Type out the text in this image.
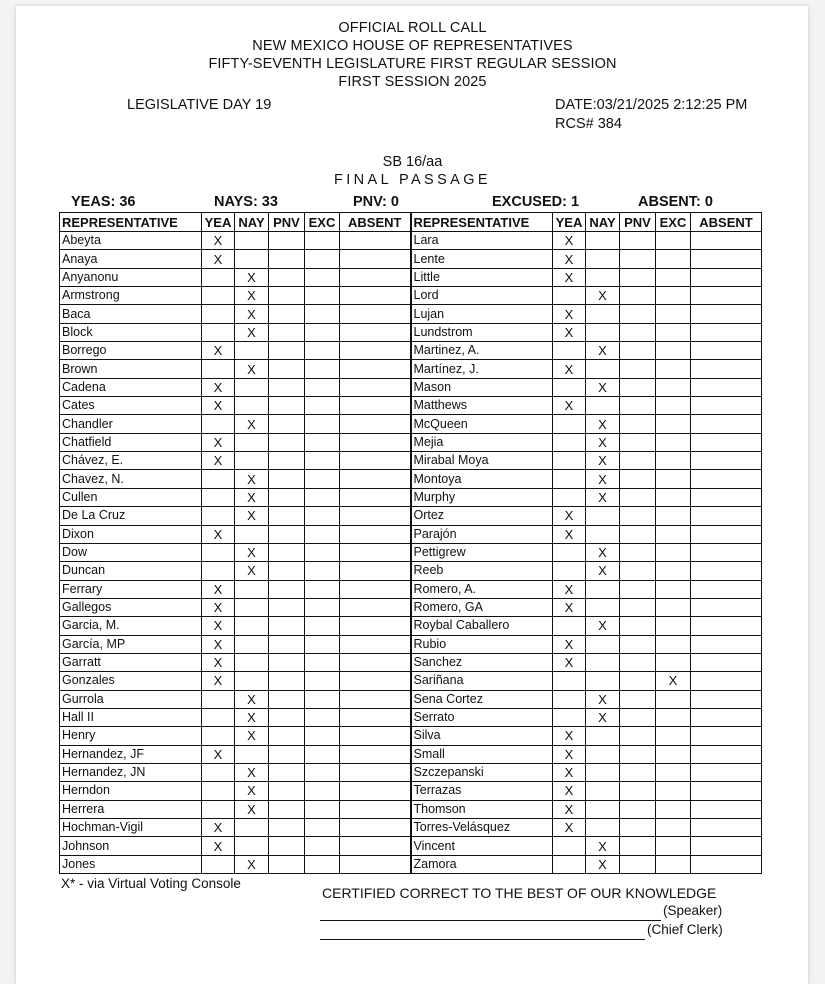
OFFICIAL ROLL CALL
NEW MEXICO HOUSE OF REPRESENTATIVES
FIFTY-SEVENTH LEGISLATURE FIRST REGULAR SESSION
FIRST SESSION 2025
LEGISLATIVE DAY 19	DATE:03/21/2025 2:12:25 PM
RCS# 384
SB 16/aa
FINAL PASSAGE
YEAS: 36	NAYS: 33	PNV: 0	EXCUSED: 1	ABSENT: 0
REPRESENTATIVE	YEA	NAY	PNV	EXC	ABSENT	REPRESENTATIVE	YEA	NAY	PNV	EXC	ABSENT
Abeyta	X					Lara	X				
Anaya	X					Lente	X				
Anyanonu		X				Little	X				
Armstrong		X				Lord		X			
Baca		X				Lujan	X				
Block		X				Lundstrom	X				
Borrego	X					Martinez, A.		X			
Brown		X				Martínez, J.	X				
Cadena	X					Mason		X			
Cates	X					Matthews	X				
Chandler		X				McQueen		X			
Chatfield	X					Mejia		X			
Chávez, E.	X					Mirabal Moya		X			
Chavez, N.		X				Montoya		X			
Cullen		X				Murphy		X			
De La Cruz		X				Ortez	X				
Dixon	X					Parajón	X				
Dow		X				Pettigrew		X			
Duncan		X				Reeb		X			
Ferrary	X					Romero, A.	X				
Gallegos	X					Romero, GA	X				
Garcia, M.	X					Roybal Caballero		X			
García, MP	X					Rubio	X				
Garratt	X					Sanchez	X				
Gonzales	X					Sariñana				X	
Gurrola		X				Sena Cortez		X			
Hall II		X				Serrato		X			
Henry		X				Silva	X				
Hernandez, JF	X					Small	X				
Hernandez, JN		X				Szczepanski	X				
Herndon		X				Terrazas	X				
Herrera		X				Thomson	X				
Hochman-Vigil	X					Torres-Velásquez	X				
Johnson	X					Vincent		X			
Jones		X				Zamora		X			
X* - via Virtual Voting Console
CERTIFIED CORRECT TO THE BEST OF OUR KNOWLEDGE
(Speaker)
(Chief Clerk)
